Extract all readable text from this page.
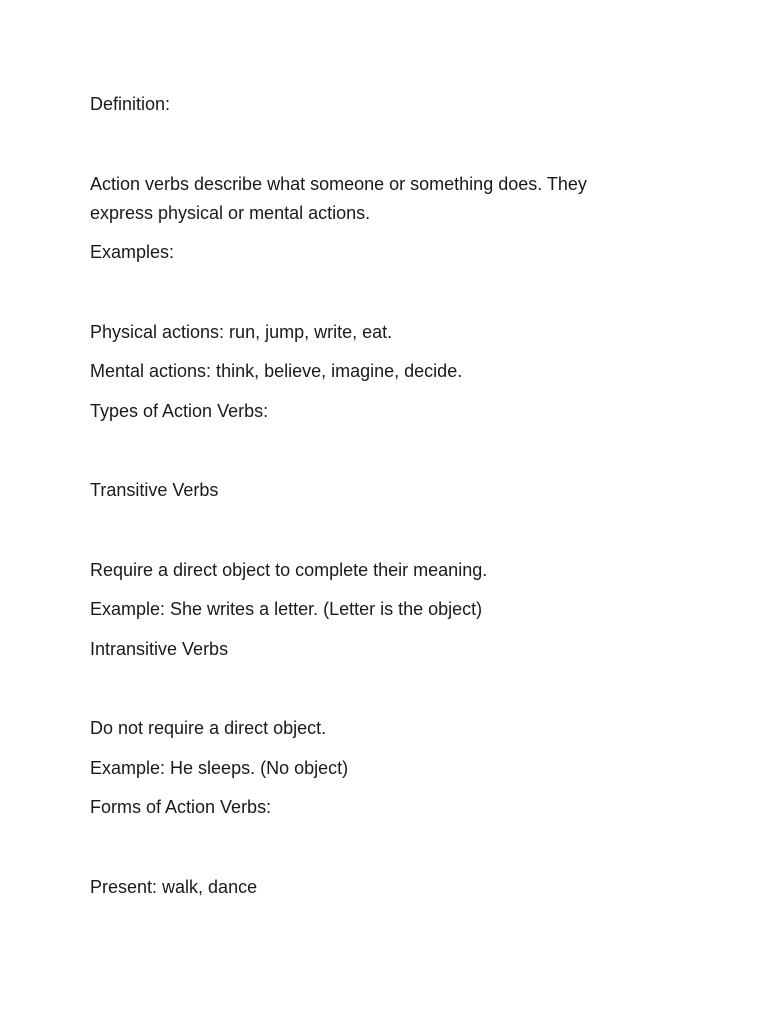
Definition:

Action verbs describe what someone or something does. They express physical or mental actions.

Examples:

Physical actions: run, jump, write, eat.

Mental actions: think, believe, imagine, decide.

Types of Action Verbs:

Transitive Verbs

Require a direct object to complete their meaning.

Example: She writes a letter. (Letter is the object)

Intransitive Verbs

Do not require a direct object.

Example: He sleeps. (No object)

Forms of Action Verbs:

Present: walk, dance
